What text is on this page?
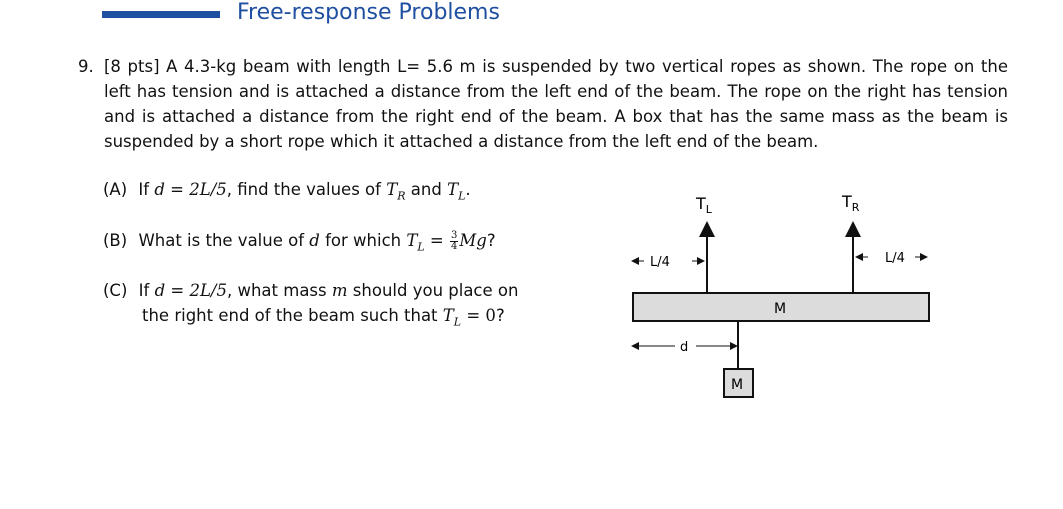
Free-response Problems
9. [8 pts] A 4.3-kg beam with length L= 5.6 m is suspended by two vertical ropes as shown. The rope on the left has tension and is attached a distance from the left end of the beam. The rope on the right has tension and is attached a distance from the right end of the beam. A box that has the same mass as the beam is suspended by a short rope which it attached a distance from the left end of the beam.
(A) If d = 2L/5, find the values of $T_R$ and $T_L$.
(B) What is the value of d for which $T_L = \frac{3}{4} Mg$?
(C) If d = 2L/5, what mass m should you place on
the right end of the beam such that $T_L = 0$?
$T_L$	$T_R$
L/4	L/4
M
d
M
